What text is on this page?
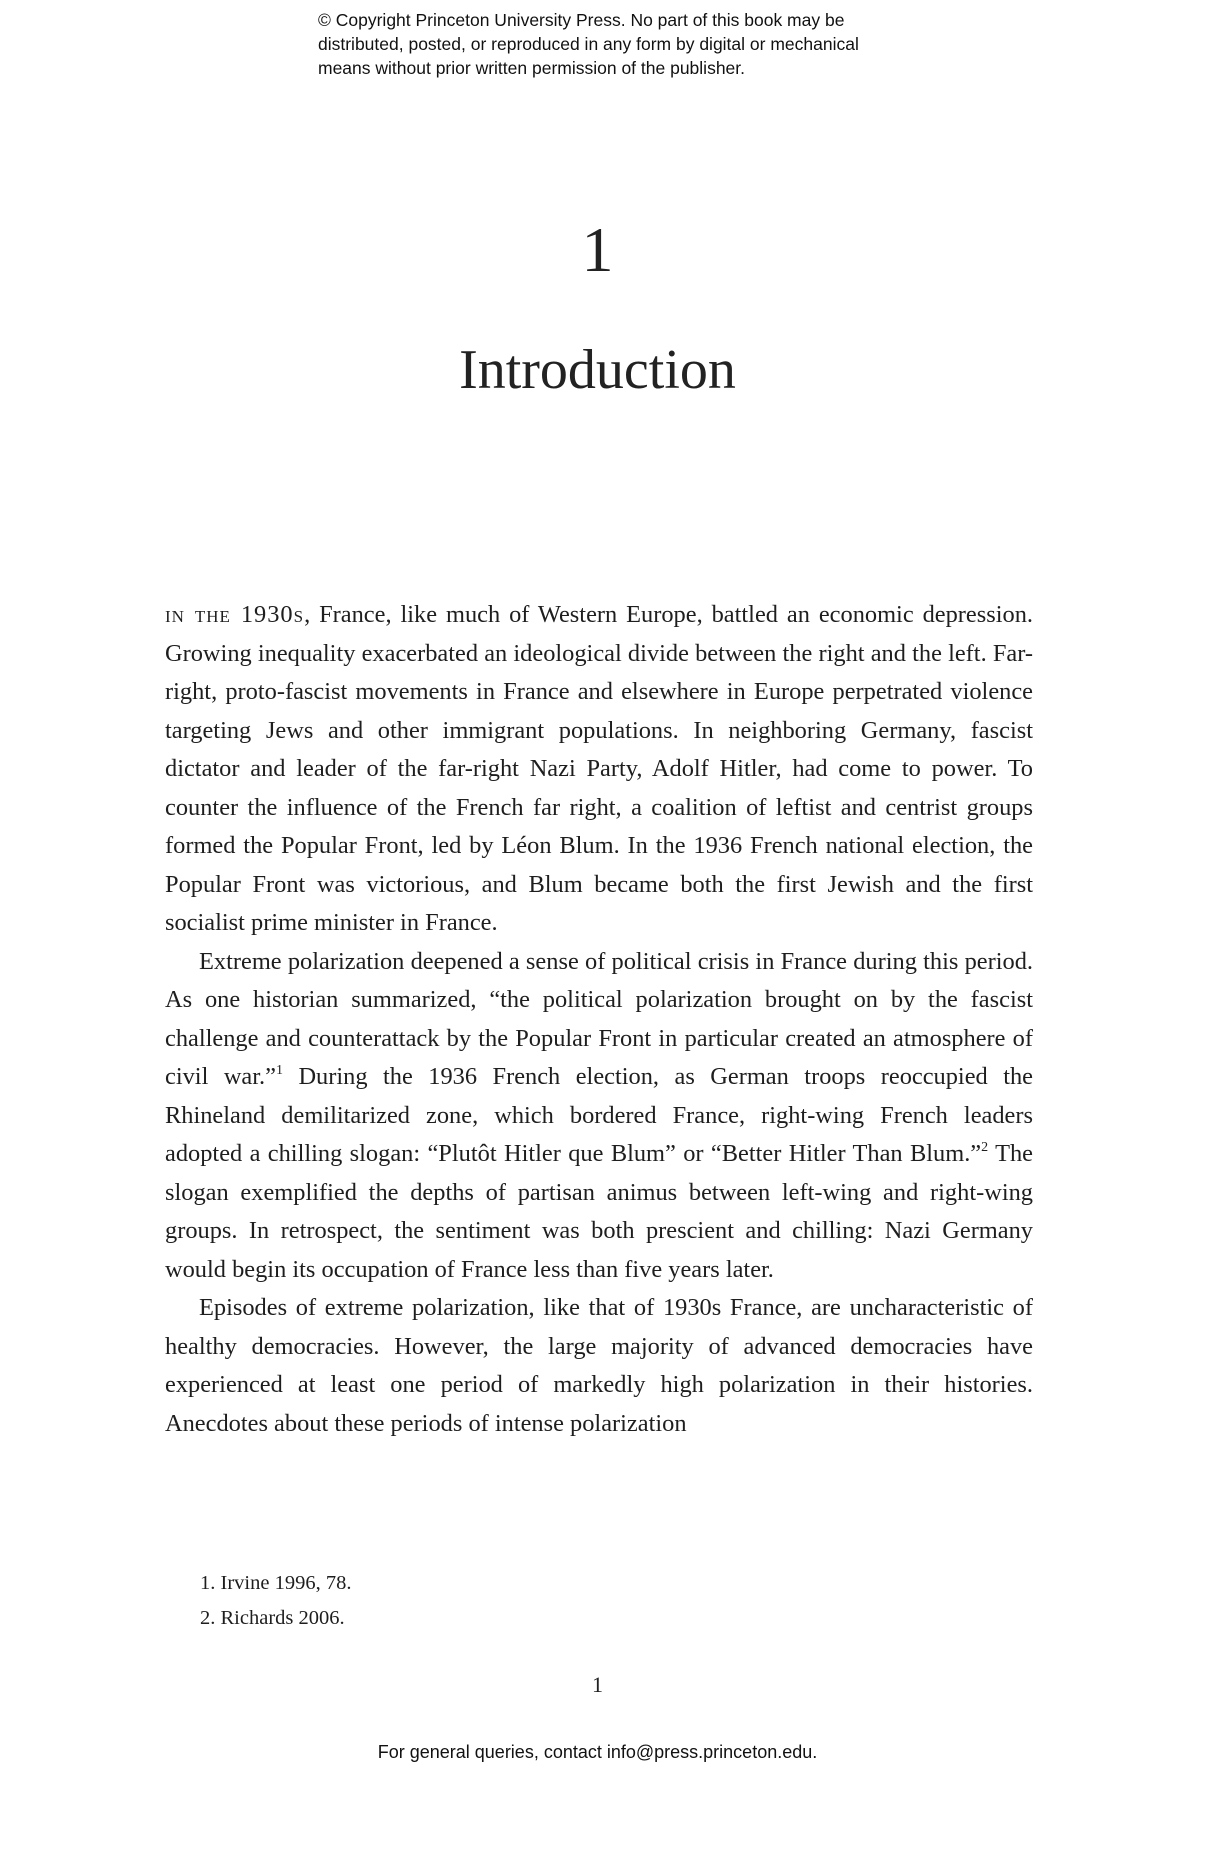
© Copyright Princeton University Press. No part of this book may be
distributed, posted, or reproduced in any form by digital or mechanical
means without prior written permission of the publisher.
1
Introduction

in the 1930s, France, like much of Western Europe, battled an economic depression. Growing inequality exacerbated an ideological divide between the right and the left. Far-right, proto-fascist movements in France and elsewhere in Europe perpetrated violence targeting Jews and other immigrant populations. In neighboring Germany, fascist dictator and leader of the far-right Nazi Party, Adolf Hitler, had come to power. To counter the influence of the French far right, a coalition of leftist and centrist groups formed the Popular Front, led by Léon Blum. In the 1936 French national election, the Popular Front was victorious, and Blum became both the first Jewish and the first socialist prime minister in France.

Extreme polarization deepened a sense of political crisis in France during this period. As one historian summarized, “the political polarization brought on by the fascist challenge and counterattack by the Popular Front in particular created an atmosphere of civil war.”$^1$ During the 1936 French election, as German troops reoccupied the Rhineland demilitarized zone, which bordered France, right-wing French leaders adopted a chilling slogan: “Plutôt Hitler que Blum” or “Better Hitler Than Blum.”$^2$ The slogan exemplified the depths of partisan animus between left-wing and right-wing groups. In retrospect, the sentiment was both prescient and chilling: Nazi Germany would begin its occupation of France less than five years later.

Episodes of extreme polarization, like that of 1930s France, are uncharacteristic of healthy democracies. However, the large majority of advanced democracies have experienced at least one period of markedly high polarization in their histories. Anecdotes about these periods of intense polarization

1. Irvine 1996, 78.
2. Richards 2006.
1
For general queries, contact info@press.princeton.edu.
